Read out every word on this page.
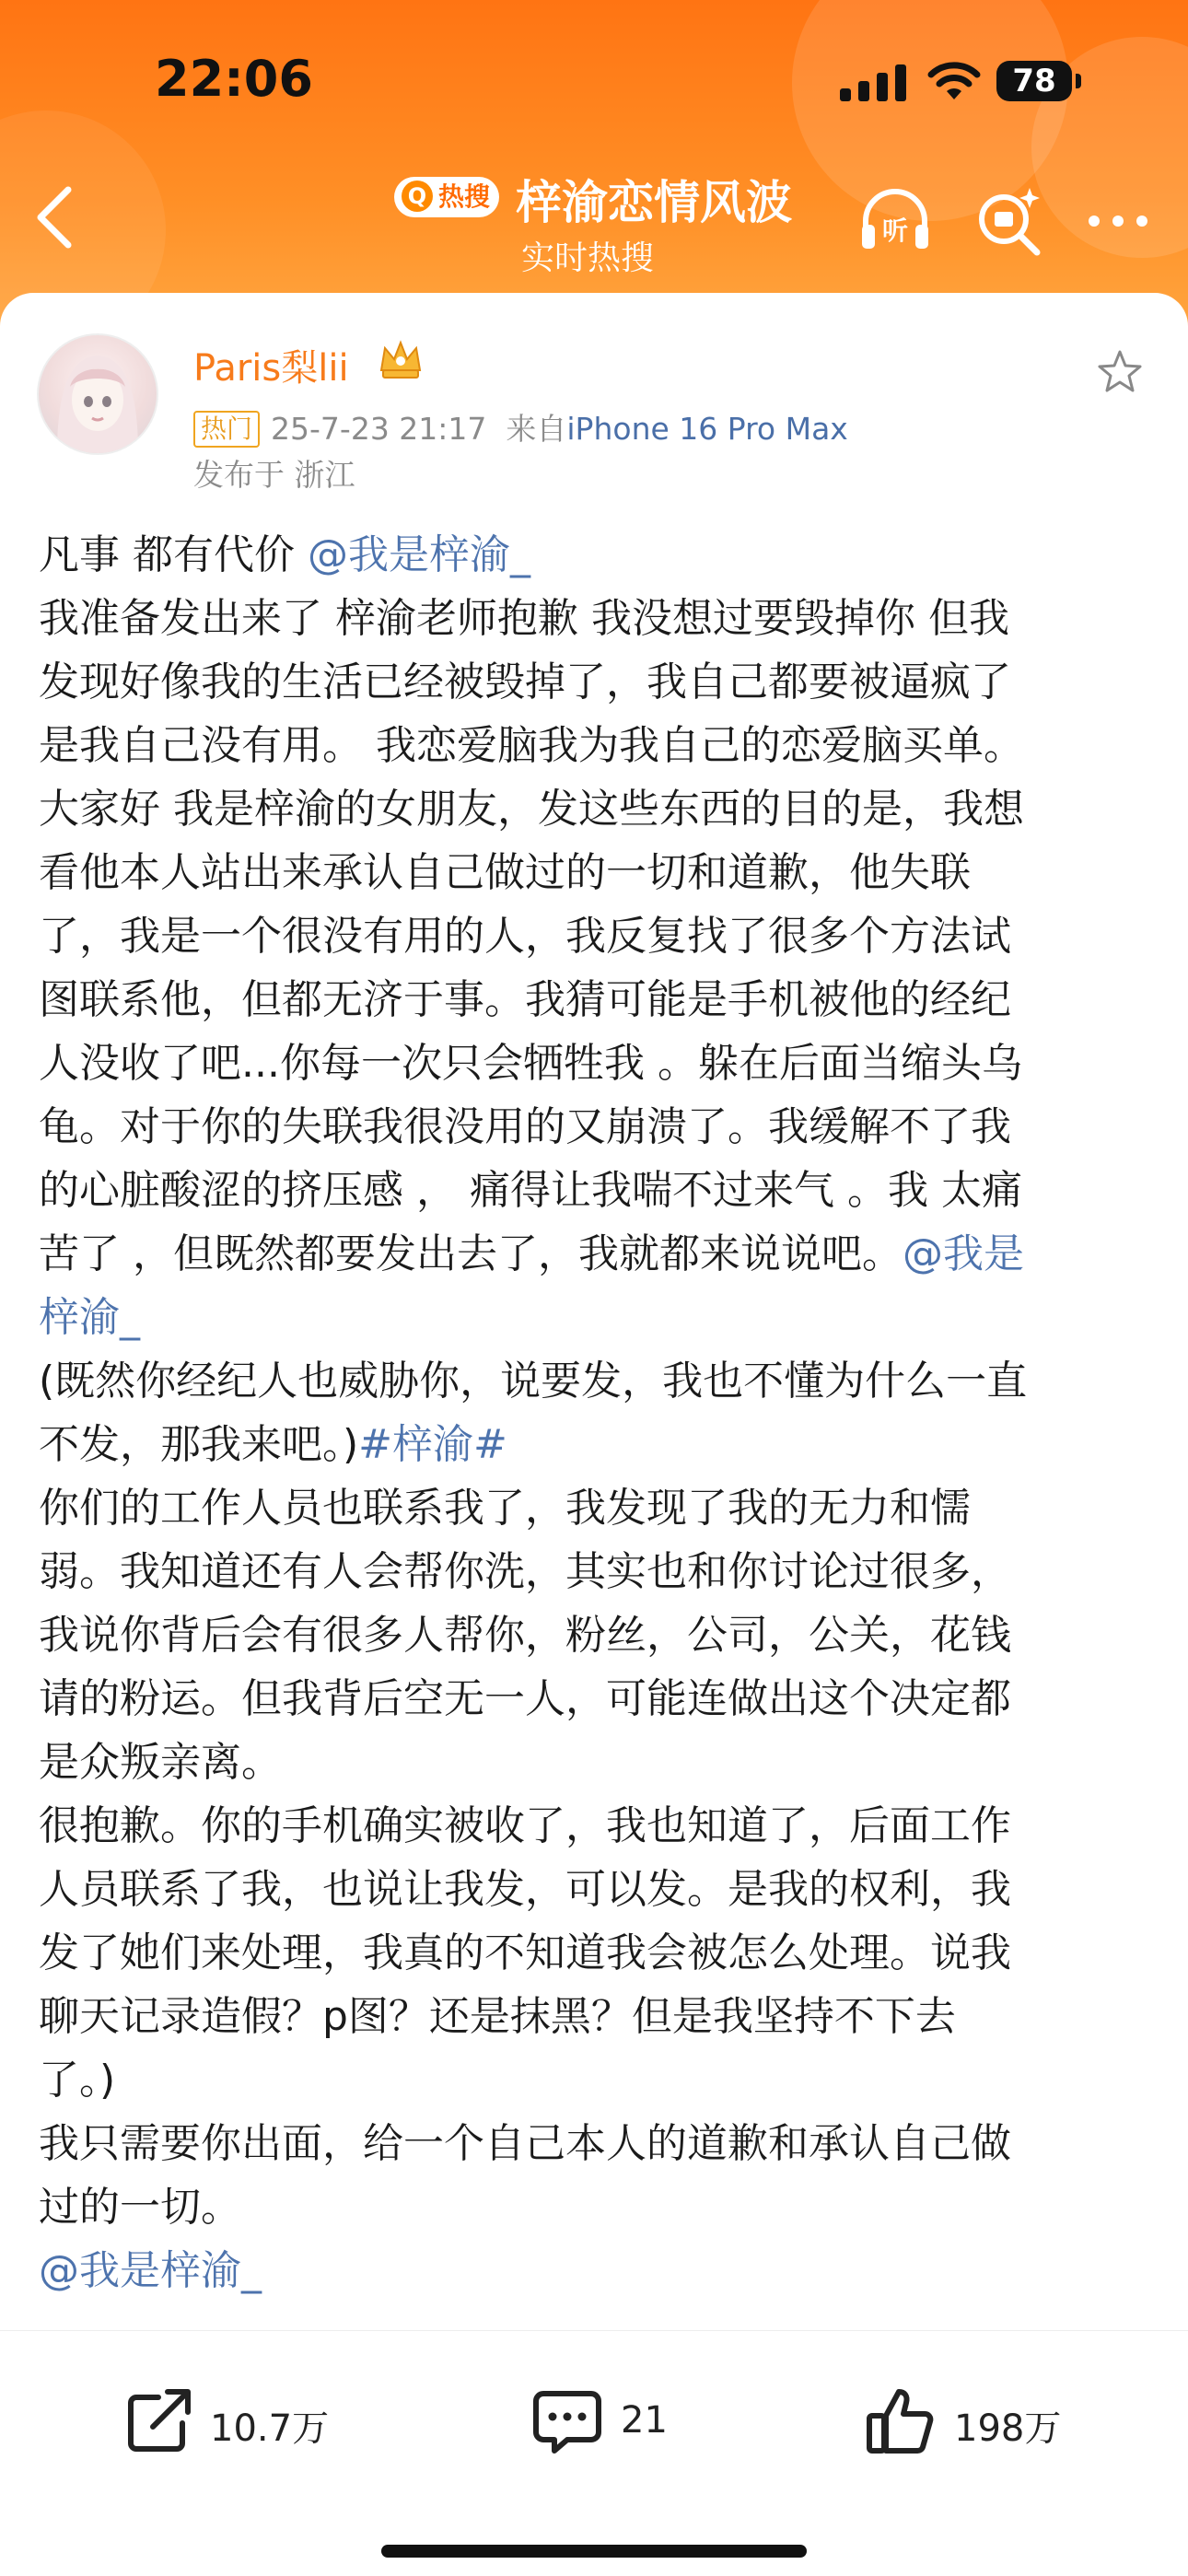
22:06	78
Q 热搜 梓渝恋情风波
实时热搜
听
Paris梨lii
热门 25-7-23 21:17 来自iPhone 16 Pro Max
发布于 浙江
凡事 都有代价 @我是梓渝_
我准备发出来了 梓渝老师抱歉 我没想过要毁掉你 但我
发现好像我的生活已经被毁掉了，我自己都要被逼疯了
是我自己没有用。 我恋爱脑我为我自己的恋爱脑买单。
大家好 我是梓渝的女朋友，发这些东西的目的是，我想
看他本人站出来承认自己做过的一切和道歉，他失联
了，我是一个很没有用的人，我反复找了很多个方法试
图联系他，但都无济于事。我猜可能是手机被他的经纪
人没收了吧...你每一次只会牺牲我 。躲在后面当缩头乌
龟。对于你的失联我很没用的又崩溃了。我缓解不了我
的心脏酸涩的挤压感 ， 痛得让我喘不过来气 。我 太痛
苦了 ，但既然都要发出去了，我就都来说说吧。@我是
梓渝_
(既然你经纪人也威胁你，说要发，我也不懂为什么一直
不发，那我来吧。)#梓渝#
你们的工作人员也联系我了，我发现了我的无力和懦
弱。我知道还有人会帮你洗，其实也和你讨论过很多，
我说你背后会有很多人帮你，粉丝，公司，公关，花钱
请的粉运。但我背后空无一人，可能连做出这个决定都
是众叛亲离。
很抱歉。你的手机确实被收了，我也知道了，后面工作
人员联系了我，也说让我发，可以发。是我的权利，我
发了她们来处理，我真的不知道我会被怎么处理。说我
聊天记录造假？p图？还是抹黑？但是我坚持不下去
了。)
我只需要你出面，给一个自己本人的道歉和承认自己做
过的一切。
@我是梓渝_
10.7万	21	198万
